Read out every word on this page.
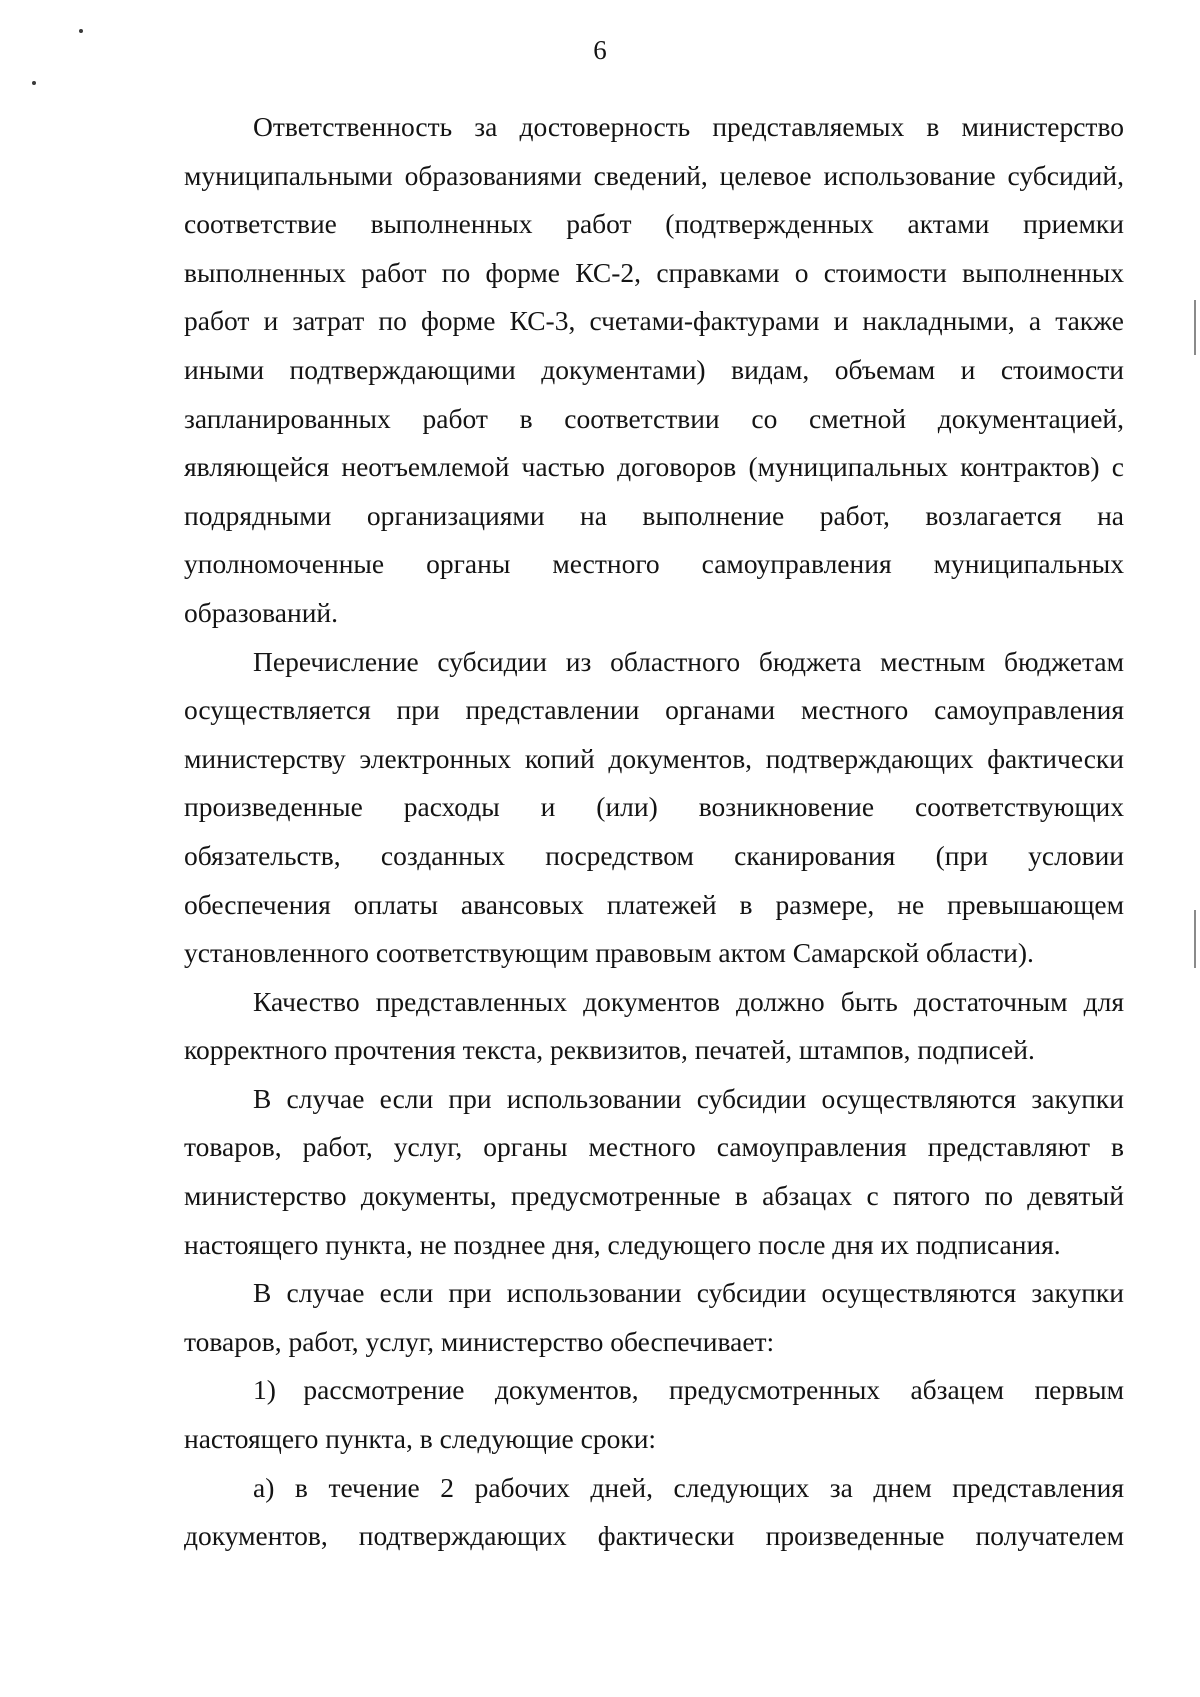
6

Ответственность за достоверность представляемых в министерство
муниципальными образованиями сведений, целевое использование субсидий,
соответствие выполненных работ (подтвержденных актами приемки
выполненных работ по форме КС-2, справками о стоимости выполненных
работ и затрат по форме КС-3, счетами-фактурами и накладными, а также
иными подтверждающими документами) видам, объемам и стоимости
запланированных работ в соответствии со сметной документацией,
являющейся неотъемлемой частью договоров (муниципальных контрактов) с
подрядными организациями на выполнение работ, возлагается на
уполномоченные органы местного самоуправления муниципальных
образований.

Перечисление субсидии из областного бюджета местным бюджетам
осуществляется при представлении органами местного самоуправления
министерству электронных копий документов, подтверждающих фактически
произведенные расходы и (или) возникновение соответствующих
обязательств, созданных посредством сканирования (при условии
обеспечения оплаты авансовых платежей в размере, не превышающем
установленного соответствующим правовым актом Самарской области).

Качество представленных документов должно быть достаточным для
корректного прочтения текста, реквизитов, печатей, штампов, подписей.

В случае если при использовании субсидии осуществляются закупки
товаров, работ, услуг, органы местного самоуправления представляют в
министерство документы, предусмотренные в абзацах с пятого по девятый
настоящего пункта, не позднее дня, следующего после дня их подписания.

В случае если при использовании субсидии осуществляются закупки
товаров, работ, услуг, министерство обеспечивает:

1) рассмотрение документов, предусмотренных абзацем первым
настоящего пункта, в следующие сроки:

а) в течение 2 рабочих дней, следующих за днем представления
документов, подтверждающих фактически произведенные получателем
